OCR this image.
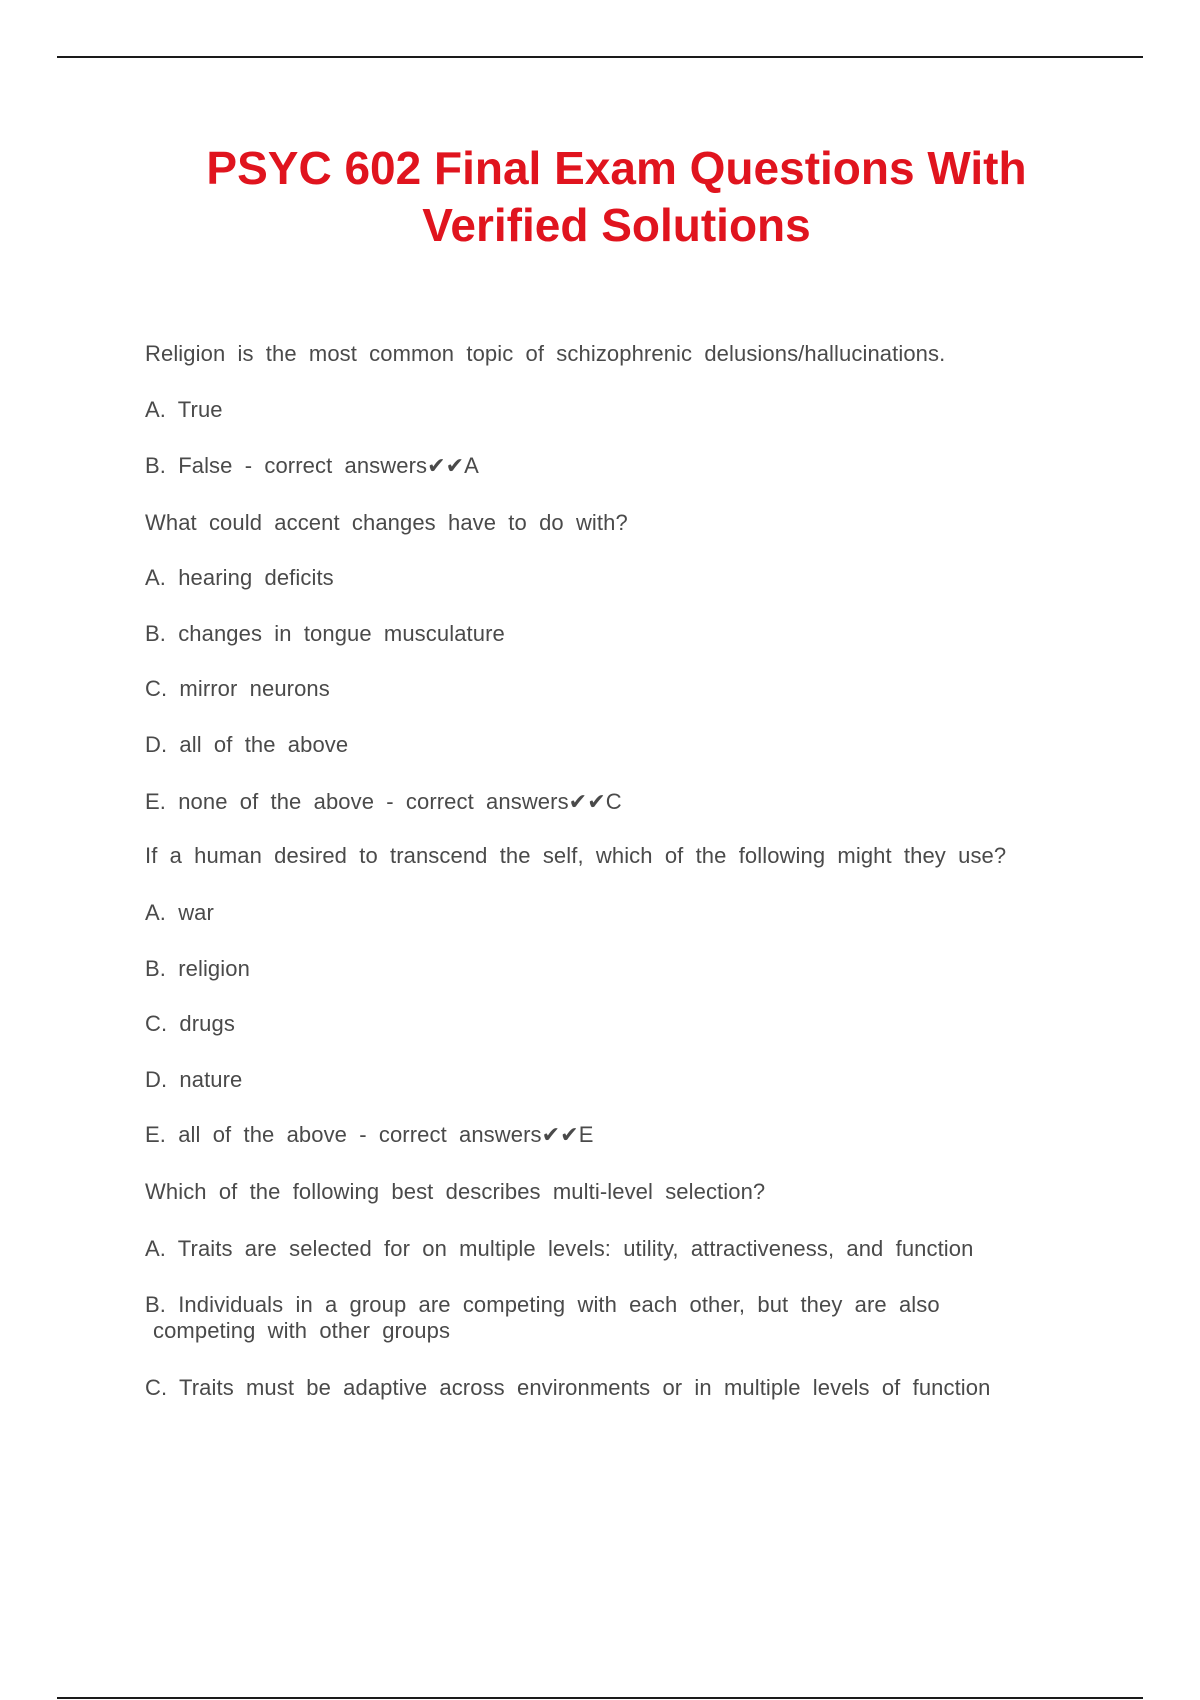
PSYC 602 Final Exam Questions With
Verified Solutions
Religion is the most common topic of schizophrenic delusions/hallucinations.
A. True
B. False - correct answers✔✔A
What could accent changes have to do with?
A. hearing deficits
B. changes in tongue musculature
C. mirror neurons
D. all of the above
E. none of the above - correct answers✔✔C
If a human desired to transcend the self, which of the following might they use?
A. war
B. religion
C. drugs
D. nature
E. all of the above - correct answers✔✔E
Which of the following best describes multi-level selection?
A. Traits are selected for on multiple levels: utility, attractiveness, and function
B. Individuals in a group are competing with each other, but they are also
competing with other groups
C. Traits must be adaptive across environments or in multiple levels of function
